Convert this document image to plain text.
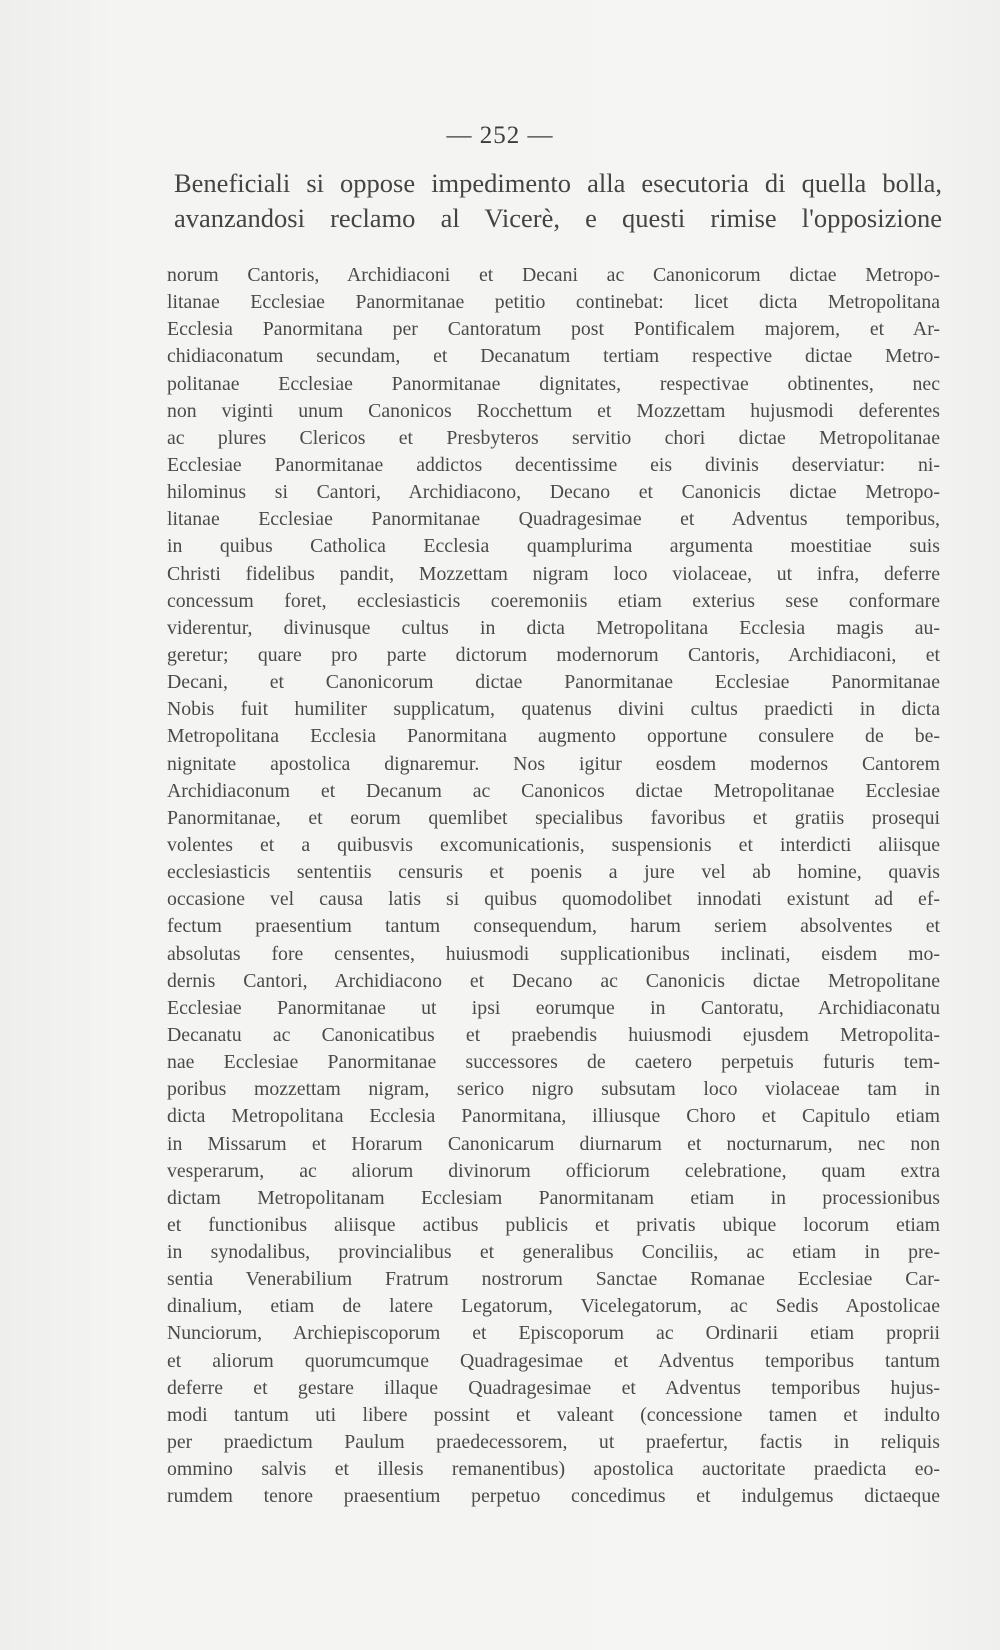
— 252 —
Beneficiali si oppose impedimento alla esecutoria di quella bolla,
avanzandosi reclamo al Vicerè, e questi rimise l'opposizione
norum Cantoris, Archidiaconi et Decani ac Canonicorum dictae Metropo-
litanae Ecclesiae Panormitanae petitio continebat: licet dicta Metropolitana
Ecclesia Panormitana per Cantoratum post Pontificalem majorem, et Ar-
chidiaconatum secundam, et Decanatum tertiam respective dictae Metro-
politanae Ecclesiae Panormitanae dignitates, respectivae obtinentes, nec
non viginti unum Canonicos Rocchettum et Mozzettam hujusmodi deferentes
ac plures Clericos et Presbyteros servitio chori dictae Metropolitanae
Ecclesiae Panormitanae addictos decentissime eis divinis deserviatur: ni-
hilominus si Cantori, Archidiacono, Decano et Canonicis dictae Metropo-
litanae Ecclesiae Panormitanae Quadragesimae et Adventus temporibus,
in quibus Catholica Ecclesia quamplurima argumenta moestitiae suis
Christi fidelibus pandit, Mozzettam nigram loco violaceae, ut infra, deferre
concessum foret, ecclesiasticis coeremoniis etiam exterius sese conformare
viderentur, divinusque cultus in dicta Metropolitana Ecclesia magis au-
geretur; quare pro parte dictorum modernorum Cantoris, Archidiaconi, et
Decani, et Canonicorum dictae Panormitanae Ecclesiae Panormitanae
Nobis fuit humiliter supplicatum, quatenus divini cultus praedicti in dicta
Metropolitana Ecclesia Panormitana augmento opportune consulere de be-
nignitate apostolica dignaremur. Nos igitur eosdem modernos Cantorem
Archidiaconum et Decanum ac Canonicos dictae Metropolitanae Ecclesiae
Panormitanae, et eorum quemlibet specialibus favoribus et gratiis prosequi
volentes et a quibusvis excomunicationis, suspensionis et interdicti aliisque
ecclesiasticis sententiis censuris et poenis a jure vel ab homine, quavis
occasione vel causa latis si quibus quomodolibet innodati existunt ad ef-
fectum praesentium tantum consequendum, harum seriem absolventes et
absolutas fore censentes, huiusmodi supplicationibus inclinati, eisdem mo-
dernis Cantori, Archidiacono et Decano ac Canonicis dictae Metropolitane
Ecclesiae Panormitanae ut ipsi eorumque in Cantoratu, Archidiaconatu
Decanatu ac Canonicatibus et praebendis huiusmodi ejusdem Metropolita-
nae Ecclesiae Panormitanae successores de caetero perpetuis futuris tem-
poribus mozzettam nigram, serico nigro subsutam loco violaceae tam in
dicta Metropolitana Ecclesia Panormitana, illiusque Choro et Capitulo etiam
in Missarum et Horarum Canonicarum diurnarum et nocturnarum, nec non
vesperarum, ac aliorum divinorum officiorum celebratione, quam extra
dictam Metropolitanam Ecclesiam Panormitanam etiam in processionibus
et functionibus aliisque actibus publicis et privatis ubique locorum etiam
in synodalibus, provincialibus et generalibus Conciliis, ac etiam in pre-
sentia Venerabilium Fratrum nostrorum Sanctae Romanae Ecclesiae Car-
dinalium, etiam de latere Legatorum, Vicelegatorum, ac Sedis Apostolicae
Nunciorum, Archiepiscoporum et Episcoporum ac Ordinarii etiam proprii
et aliorum quorumcumque Quadragesimae et Adventus temporibus tantum
deferre et gestare illaque Quadragesimae et Adventus temporibus hujus-
modi tantum uti libere possint et valeant (concessione tamen et indulto
per praedictum Paulum praedecessorem, ut praefertur, factis in reliquis
ommino salvis et illesis remanentibus) apostolica auctoritate praedicta eo-
rumdem tenore praesentium perpetuo concedimus et indulgemus dictaeque
